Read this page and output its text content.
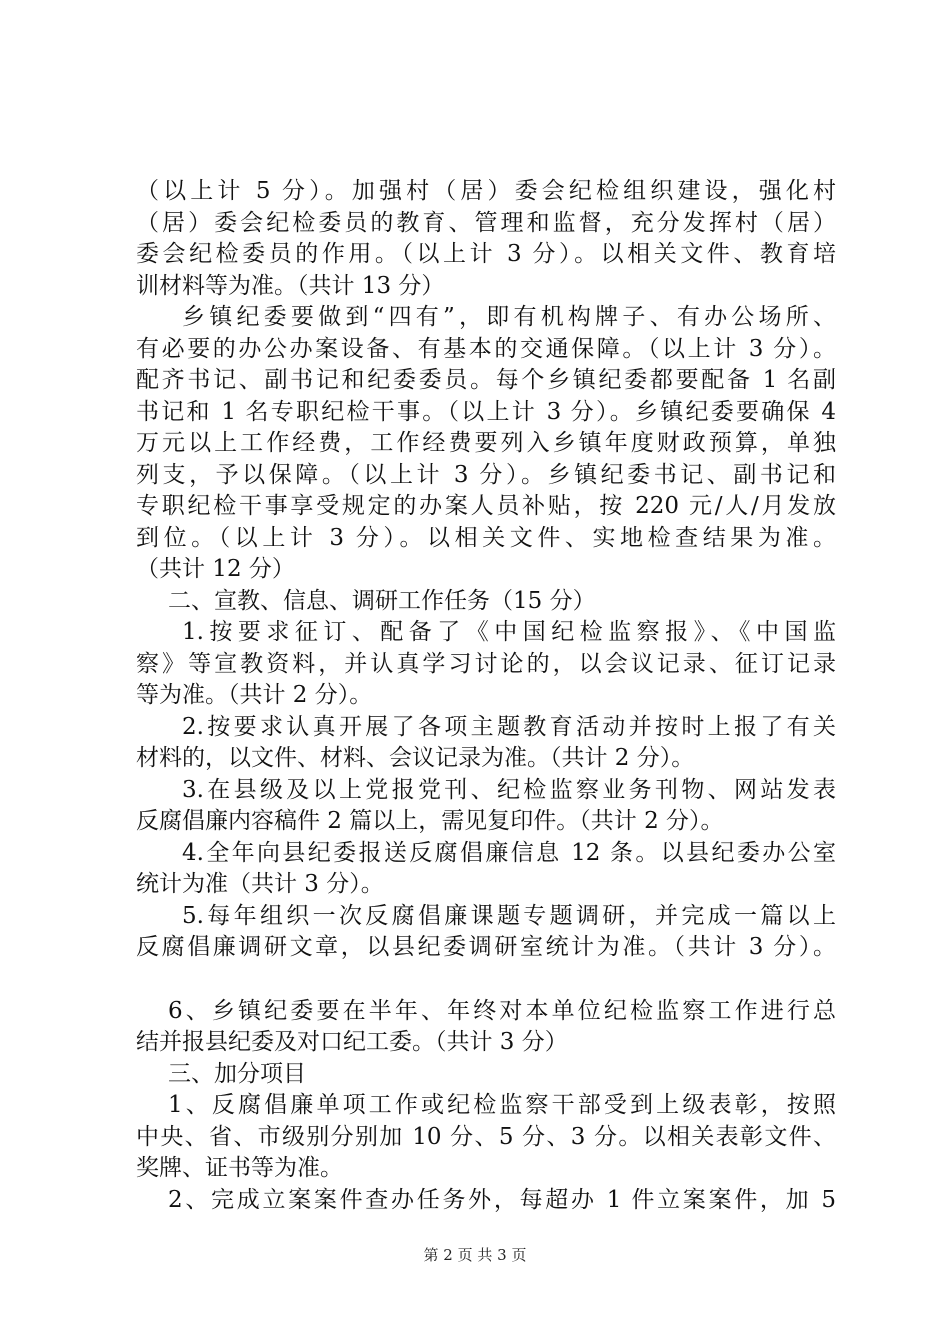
（以上计 5 分）。加强村（居）委会纪检组织建设，强化村
（居）委会纪检委员的教育、管理和监督，充分发挥村（居）
委会纪检委员的作用。（以上计 3 分）。以相关文件、教育培
训材料等为准。（共计 13 分）
乡镇纪委要做到“四有”，即有机构牌子、有办公场所、
有必要的办公办案设备、有基本的交通保障。（以上计 3 分）。
配齐书记、副书记和纪委委员。每个乡镇纪委都要配备 1 名副
书记和 1 名专职纪检干事。（以上计 3 分）。乡镇纪委要确保 4
万元以上工作经费，工作经费要列入乡镇年度财政预算，单独
列支，予以保障。（以上计 3 分）。乡镇纪委书记、副书记和
专职纪检干事享受规定的办案人员补贴，按 220 元/人/月发放
到位。（以上计 3 分）。以相关文件、实地检查结果为准。
（共计 12 分）
二、宣教、信息、调研工作任务（15 分）
1.按要求征订、配备了《中国纪检监察报》、《中国监
察》等宣教资料，并认真学习讨论的，以会议记录、征订记录
等为准。（共计 2 分）。
2.按要求认真开展了各项主题教育活动并按时上报了有关
材料的，以文件、材料、会议记录为准。（共计 2 分）。
3.在县级及以上党报党刊、纪检监察业务刊物、网站发表
反腐倡廉内容稿件 2 篇以上，需见复印件。（共计 2 分）。
4.全年向县纪委报送反腐倡廉信息 12 条。以县纪委办公室
统计为准（共计 3 分）。
5.每年组织一次反腐倡廉课题专题调研，并完成一篇以上
反腐倡廉调研文章，以县纪委调研室统计为准。（共计 3 分）。
6、乡镇纪委要在半年、年终对本单位纪检监察工作进行总
结并报县纪委及对口纪工委。（共计 3 分）
三、加分项目
1、反腐倡廉单项工作或纪检监察干部受到上级表彰，按照
中央、省、市级别分别加 10 分、5 分、3 分。以相关表彰文件、
奖牌、证书等为准。
2、完成立案案件查办任务外，每超办 1 件立案案件，加 5
第 2 页 共 3 页
